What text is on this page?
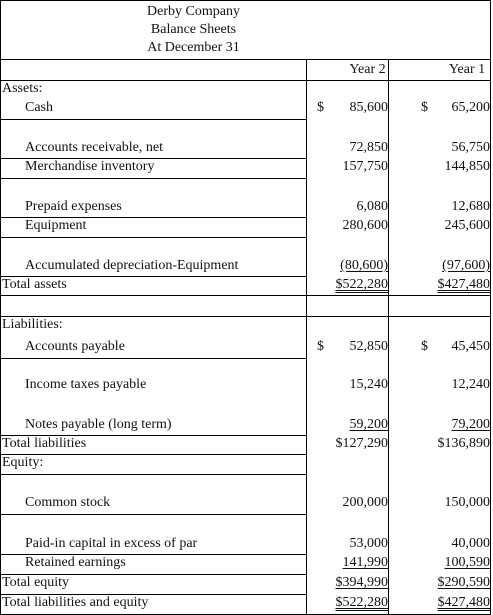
Derby Company
Balance Sheets
At December 31
Year 2	Year 1
Assets:
Cash	$	85,600 $	65,200
Accounts receivable, net	72,850	56,750
Merchandise inventory	157,750	144,850
Prepaid expenses	6,080	12,680
Equipment	280,600	245,600
Accumulated depreciation-Equipment	(80,600)	(97,600)
Total assets	$522,280	$427,480
Liabilities:
Accounts payable	$	52,850 $	45,450
Income taxes payable	15,240	12,240
Notes payable (long term)	59,200	79,200
Total liabilities	$127,290	$136,890
Equity:
Common stock	200,000	150,000
Paid-in capital in excess of par	53,000	40,000
Retained earnings	141,990	100,590
Total equity	$394,990	$290,590
Total liabilities and equity	$522,280	$427,480
